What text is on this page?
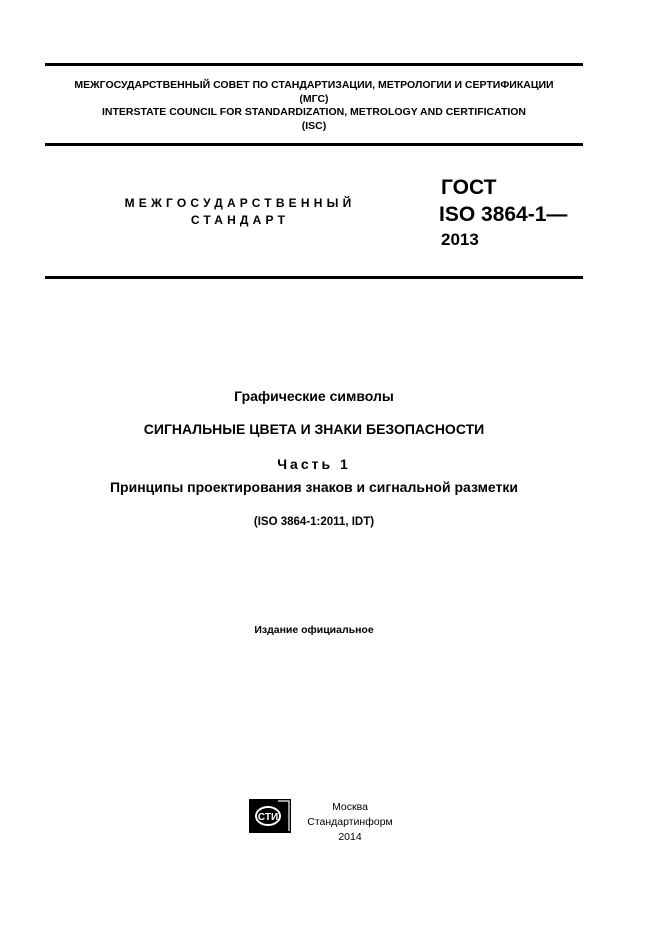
МЕЖГОСУДАРСТВЕННЫЙ СОВЕТ ПО СТАНДАРТИЗАЦИИ, МЕТРОЛОГИИ И СЕРТИФИКАЦИИ
(МГС)
INTERSTATE COUNCIL FOR STANDARDIZATION, METROLOGY AND CERTIFICATION
(ISC)
МЕЖГОСУДАРСТВЕННЫЙ
СТАНДАРТ
ГОСТ
ISO 3864-1—
2013
Графические символы
СИГНАЛЬНЫЕ ЦВЕТА И ЗНАКИ БЕЗОПАСНОСТИ
Часть 1
Принципы проектирования знаков и сигнальной разметки
(ISO 3864-1:2011, IDT)
Издание официальное
СТИ
Москва
Стандартинформ
2014
